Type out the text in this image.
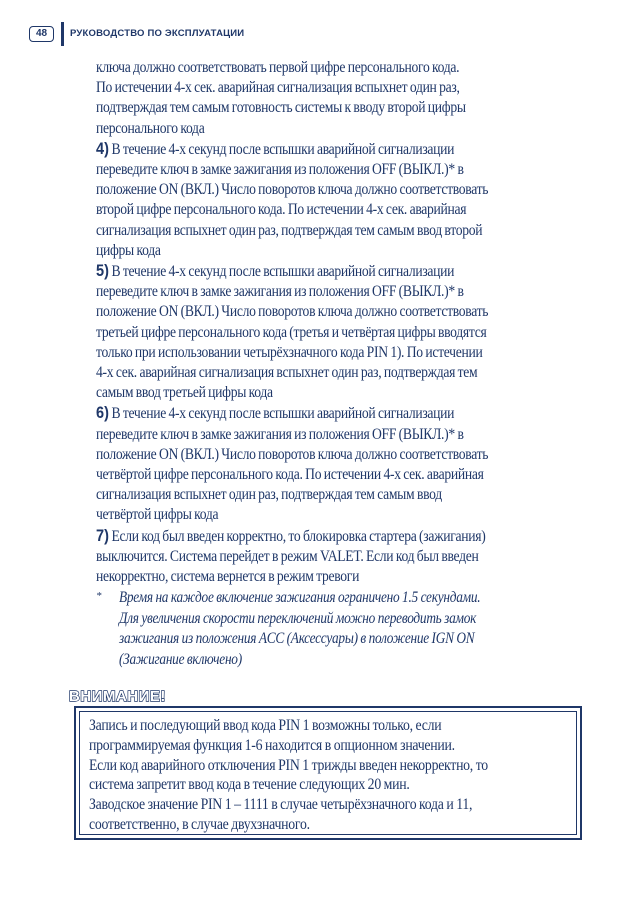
48	РУКОВОДСТВО ПО ЭКСПЛУАТАЦИИ
ключа должно соответствовать первой цифре персонального кода.
По истечении 4-х сек. аварийная сигнализация вспыхнет один раз,
подтверждая тем самым готовность системы к вводу второй цифры
персонального кода
4) В течение 4-х секунд после вспышки аварийной сигнализации
переведите ключ в замке зажигания из положения OFF (ВЫКЛ.)* в
положение ON (ВКЛ.) Число поворотов ключа должно соответствовать
второй цифре персонального кода. По истечении 4-х сек. аварийная
сигнализация вспыхнет один раз, подтверждая тем самым ввод второй
цифры кода
5) В течение 4-х секунд после вспышки аварийной сигнализации
переведите ключ в замке зажигания из положения OFF (ВЫКЛ.)* в
положение ON (ВКЛ.) Число поворотов ключа должно соответствовать
третьей цифре персонального кода (третья и четвёртая цифры вводятся
только при использовании четырёхзначного кода PIN 1). По истечении
4-х сек. аварийная сигнализация вспыхнет один раз, подтверждая тем
самым ввод третьей цифры кода
6) В течение 4-х секунд после вспышки аварийной сигнализации
переведите ключ в замке зажигания из положения OFF (ВЫКЛ.)* в
положение ON (ВКЛ.) Число поворотов ключа должно соответствовать
четвёртой цифре персонального кода. По истечении 4-х сек. аварийная
сигнализация вспыхнет один раз, подтверждая тем самым ввод
четвёртой цифры кода
7) Если код был введен корректно, то блокировка стартера (зажигания)
выключится. Система перейдет в режим VALET. Если код был введен
некорректно, система вернется в режим тревоги
* Время на каждое включение зажигания ограничено 1.5 секундами.
Для увеличения скорости переключений можно переводить замок
зажигания из положения ACC (Аксессуары) в положение IGN ON
(Зажигание включено)
ВНИМАНИЕ!
Запись и последующий ввод кода PIN 1 возможны только, если
программируемая функция 1-6 находится в опционном значении.
Если код аварийного отключения PIN 1 трижды введен некорректно, то
система запретит ввод кода в течение следующих 20 мин.
Заводское значение PIN 1 – 1111 в случае четырёхзначного кода и 11,
соответственно, в случае двухзначного.
